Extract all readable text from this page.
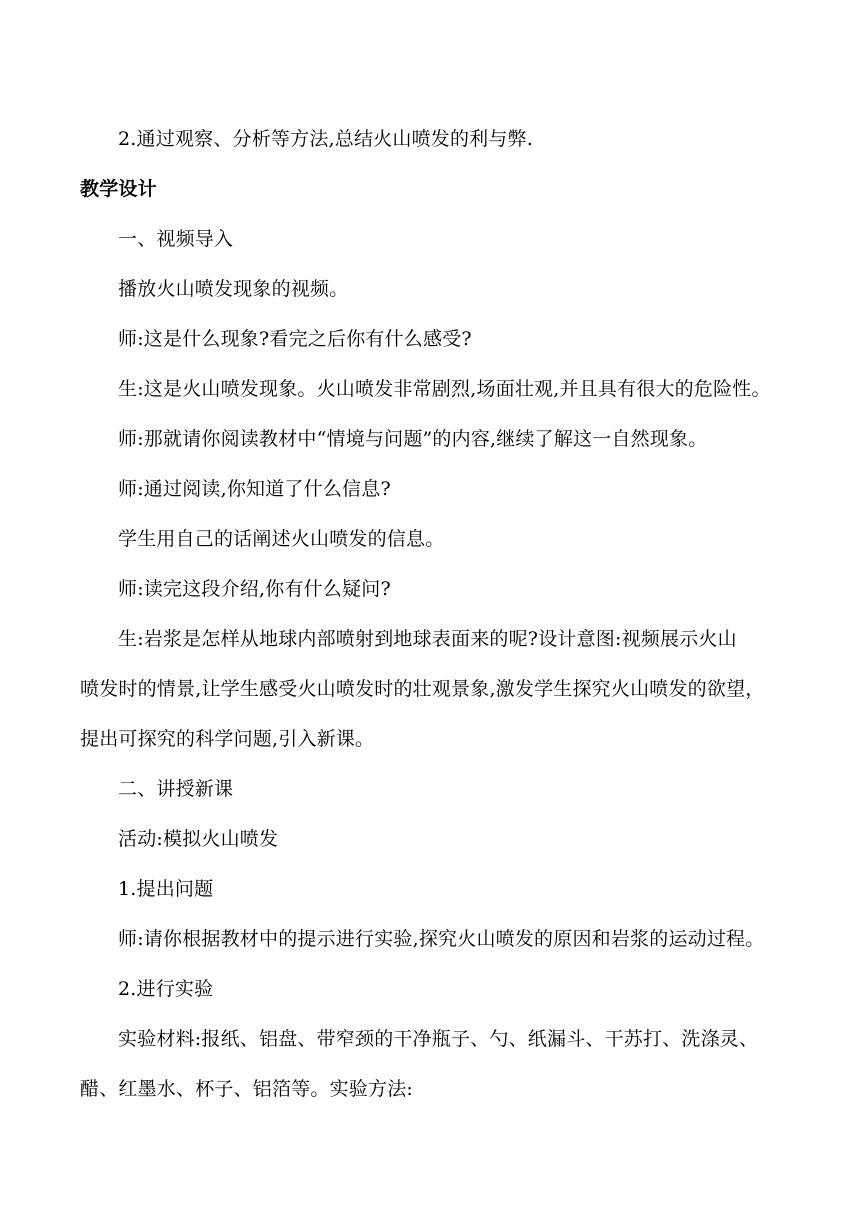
2.通过观察、分析等方法,总结火山喷发的利与弊.
教学设计
一、视频导入
播放火山喷发现象的视频。
师:这是什么现象?看完之后你有什么感受?
生:这是火山喷发现象。火山喷发非常剧烈,场面壮观,并且具有很大的危险性。
师:那就请你阅读教材中“情境与问题”的内容,继续了解这一自然现象。
师:通过阅读,你知道了什么信息?
学生用自己的话阐述火山喷发的信息。
师:读完这段介绍,你有什么疑问?
生:岩浆是怎样从地球内部喷射到地球表面来的呢?设计意图:视频展示火山
喷发时的情景,让学生感受火山喷发时的壮观景象,激发学生探究火山喷发的欲望，
提出可探究的科学问题,引入新课。
二、讲授新课
活动:模拟火山喷发
1.提出问题
师:请你根据教材中的提示进行实验,探究火山喷发的原因和岩浆的运动过程。
2.进行实验
实验材料:报纸、铝盘、带窄颈的干净瓶子、勺、纸漏斗、干苏打、洗涤灵、
醋、红墨水、杯子、铝箔等。实验方法:
